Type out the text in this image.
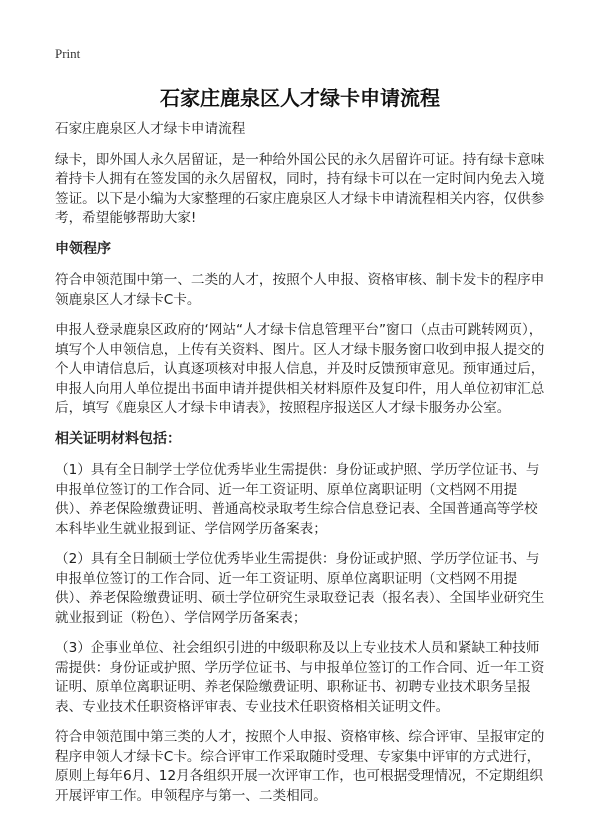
Print
石家庄鹿泉区人才绿卡申请流程

石家庄鹿泉区人才绿卡申请流程

绿卡，即外国人永久居留证，是一种给外国公民的永久居留许可证。持有绿卡意味着持卡人拥有在签发国的永久居留权，同时，持有绿卡可以在一定时间内免去入境签证。以下是小编为大家整理的石家庄鹿泉区人才绿卡申请流程相关内容，仅供参考，希望能够帮助大家!

申领程序

符合申领范围中第一、二类的人才，按照个人申报、资格审核、制卡发卡的程序申领鹿泉区人才绿卡C卡。

申报人登录鹿泉区政府的‘网站“人才绿卡信息管理平台”窗口（点击可跳转网页），填写个人申领信息，上传有关资料、图片。区人才绿卡服务窗口收到申报人提交的个人申请信息后，认真逐项核对申报人信息，并及时反馈预审意见。预审通过后，申报人向用人单位提出书面申请并提供相关材料原件及复印件，用人单位初审汇总后，填写《鹿泉区人才绿卡申请表》，按照程序报送区人才绿卡服务办公室。

相关证明材料包括：

（1）具有全日制学士学位优秀毕业生需提供：身份证或护照、学历学位证书、与申报单位签订的工作合同、近一年工资证明、原单位离职证明（文档网不用提供）、养老保险缴费证明、普通高校录取考生综合信息登记表、全国普通高等学校本科毕业生就业报到证、学信网学历备案表；

（2）具有全日制硕士学位优秀毕业生需提供：身份证或护照、学历学位证书、与申报单位签订的工作合同、近一年工资证明、原单位离职证明（文档网不用提供）、养老保险缴费证明、硕士学位研究生录取登记表（报名表）、全国毕业研究生就业报到证（粉色）、学信网学历备案表；

（3）企事业单位、社会组织引进的中级职称及以上专业技术人员和紧缺工种技师需提供：身份证或护照、学历学位证书、与申报单位签订的工作合同、近一年工资证明、原单位离职证明、养老保险缴费证明、职称证书、初聘专业技术职务呈报表、专业技术任职资格评审表、专业技术任职资格相关证明文件。

符合申领范围中第三类的人才，按照个人申报、资格审核、综合评审、呈报审定的程序申领人才绿卡C卡。综合评审工作采取随时受理、专家集中评审的方式进行，原则上每年6月、12月各组织开展一次评审工作，也可根据受理情况，不定期组织开展评审工作。申领程序与第一、二类相同。
